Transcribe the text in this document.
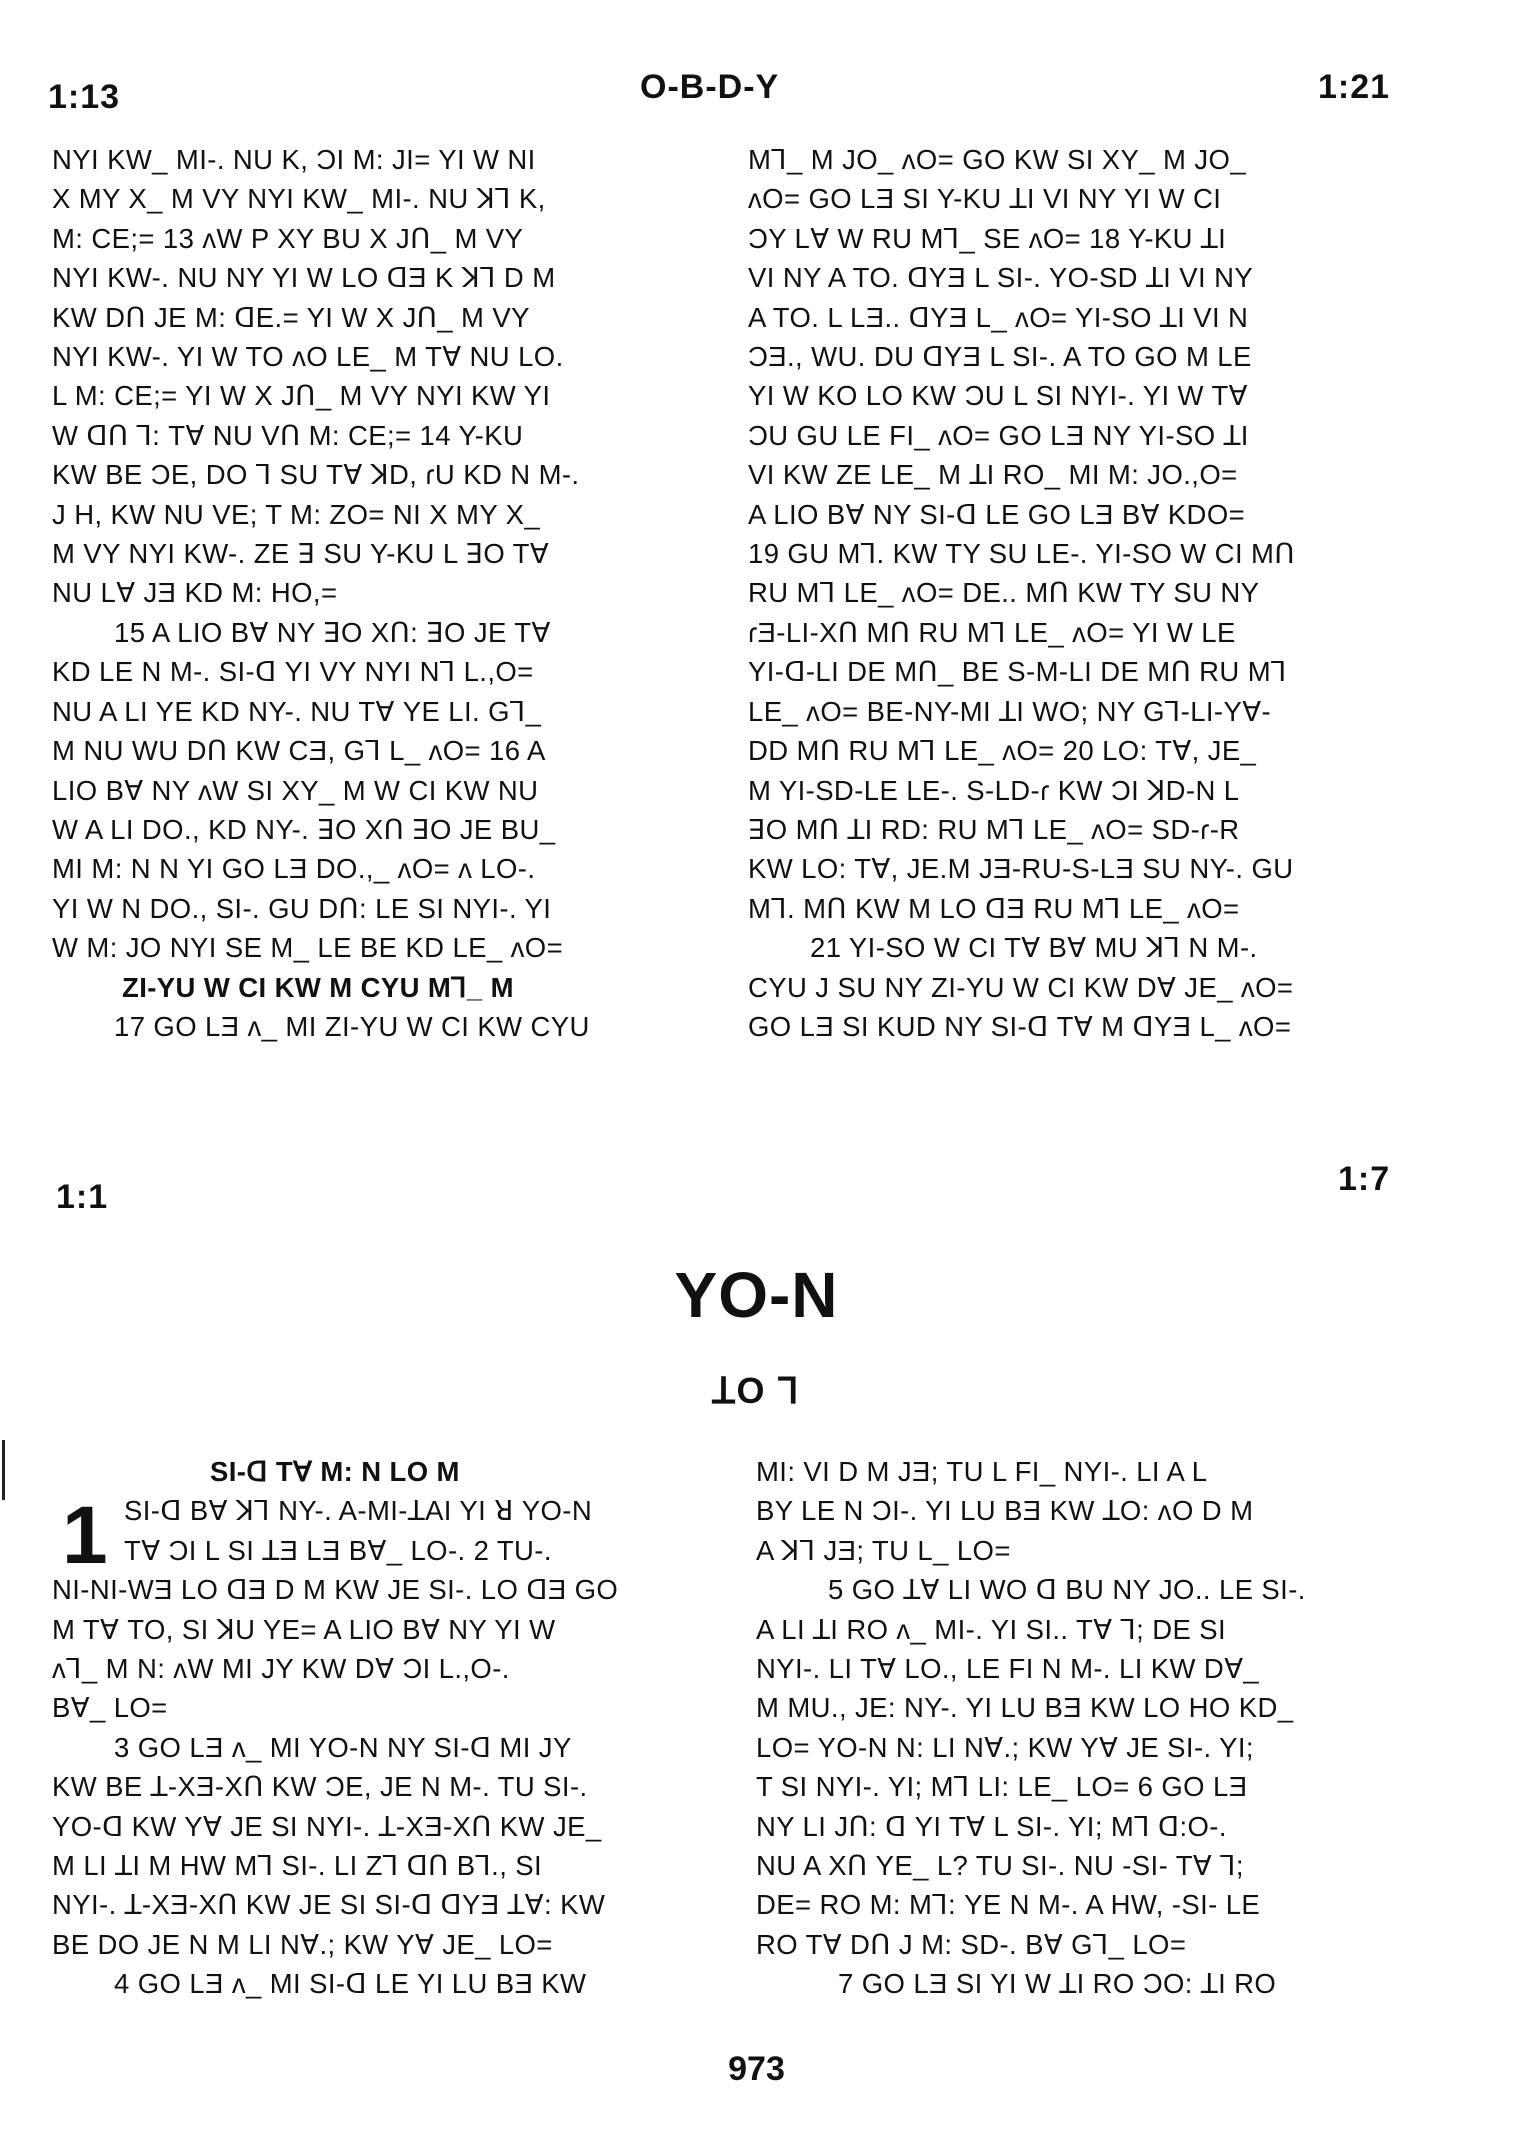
1:13	O-B-D-Y	1:21

NYI KW_ MI-. NU K, ƆI M: JI= YI W NI

X MY X_ M VY NYI KW_ MI-. NU ꓘꓶ K,

M: CE;= 13 ʌW P XY BU X Jꓵ_ M VY

NYI KW-. NU NY YI W LO ꓷƎ K ꓘꓶ D M

KW Dꓵ JE M: ꓷE.= YI W X Jꓵ_ M VY

NYI KW-. YI W TO ʌO LE_ M Tꓯ NU LO.

L M: CE;= YI W X Jꓵ_ M VY NYI KW YI

W ꓷꓵ ꓶ: Tꓯ NU Vꓵ M: CE;= 14 Y-KU

KW BE ƆE, DO ꓶ SU Tꓯ ꓘD, ɾU KD N M-.

J H, KW NU VE; T M: ZO= NI X MY X_

M VY NYI KW-. ZE ꓱ SU Y-KU L ꓱO Tꓯ

NU Lꓯ JƎ KD M: HO,=

15 A LIO Bꓯ NY ꓱO Xꓵ: ꓱO JE Tꓯ

KD LE N M-. SI-ꓷ YI VY NYI Nꓶ L.,O=

NU A LI YE KD NY-. NU Tꓯ YE LI. Gꓶ_

M NU WU Dꓵ KW CƎ, Gꓶ L_ ʌO= 16 A

LIO Bꓯ NY ʌW SI XY_ M W CI KW NU

W A LI DO., KD NY-. ꓱO Xꓵ ꓱO JE BU_

MI M: N N YI GO LƎ DO.,_ ʌO= ʌ LO-.

YI W N DO., SI-. GU Dꓵ: LE SI NYI-. YI

W M: JO NYI SE M_ LE BE KD LE_ ʌO=

ZI-YU W CI KW M CYU Mꓶ_ M

17 GO LƎ ʌ_ MI ZI-YU W CI KW CYU

Mꓶ_ M JO_ ʌO= GO KW SI XY_ M JO_

ʌO= GO LƎ SI Y-KU ꓕI VI NY YI W CI

ƆY Lꓯ W RU Mꓶ_ SE ʌO= 18 Y-KU ꓕI

VI NY A TO. ꓷYƎ L SI-. YO-SD ꓕI VI NY

A TO. L LƎ.. ꓷYƎ L_ ʌO= YI-SO ꓕI VI N

ƆƎ., WU. DU ꓷYƎ L SI-. A TO GO M LE

YI W KO LO KW ƆU L SI NYI-. YI W Tꓯ

ƆU GU LE FI_ ʌO= GO LƎ NY YI-SO ꓕI

VI KW ZE LE_ M ꓕI RO_ MI M: JO.,O=

A LIO Bꓯ NY SI-ꓷ LE GO LƎ Bꓯ KDO=

19 GU Mꓶ. KW TY SU LE-. YI-SO W CI Mꓵ

RU Mꓶ LE_ ʌO= DE.. Mꓵ KW TY SU NY

ɾƎ-LI-Xꓵ Mꓵ RU Mꓶ LE_ ʌO= YI W LE

YI-ꓷ-LI DE Mꓵ_ BE S-M-LI DE Mꓵ RU Mꓶ

LE_ ʌO= BE-NY-MI ꓕI WO; NY Gꓶ-LI-Yꓯ-

DD Mꓵ RU Mꓶ LE_ ʌO= 20 LO: Tꓯ, JE_

M YI-SD-LE LE-. S-LD-ɾ KW ƆI ꓘD-N L

ꓱO Mꓵ ꓕI RD: RU Mꓶ LE_ ʌO= SD-ɾ-R

KW LO: Tꓯ, JE.M JƎ-RU-S-LƎ SU NY-. GU

Mꓶ. Mꓵ KW M LO ꓷƎ RU Mꓶ LE_ ʌO=

21 YI-SO W CI Tꓯ Bꓯ MU ꓘꓶ N M-.

CYU J SU NY ZI-YU W CI KW Dꓯ JE_ ʌO=

GO LƎ SI KUD NY SI-ꓷ Tꓯ M ꓷYƎ L_ ʌO=

1:1	1:7
YO-N
ꓕO ꓶ

SI-ꓷ Tꓯ M: N LO M

1 SI-ꓷ Bꓯ ꓘꓶ NY-. A-MI-ꓕAI YI ꓤ YO-N

Tꓯ ƆI L SI ꓕƎ LƎ Bꓯ_ LO-. 2 TU-.

NI-NI-WƎ LO ꓷƎ D M KW JE SI-. LO ꓷƎ GO

M Tꓯ TO, SI ꓘU YE= A LIO Bꓯ NY YI W

ʌꓶ_ M N: ʌW MI JY KW Dꓯ ƆI L.,O-.

Bꓯ_ LO=

3 GO LƎ ʌ_ MI YO-N NY SI-ꓷ MI JY

KW BE ꓕ-XƎ-Xꓵ KW ƆE, JE N M-. TU SI-.

YO-ꓷ KW Yꓯ JE SI NYI-. ꓕ-XƎ-Xꓵ KW JE_

M LI ꓕI M HW Mꓶ SI-. LI Zꓶ ꓷꓵ Bꓶ., SI

NYI-. ꓕ-XƎ-Xꓵ KW JE SI SI-ꓷ ꓷYƎ ꓕꓯ: KW

BE DO JE N M LI Nꓯ.; KW Yꓯ JE_ LO=

4 GO LƎ ʌ_ MI SI-ꓷ LE YI LU BƎ KW

MI: VI D M JƎ; TU L FI_ NYI-. LI A L

BY LE N ƆI-. YI LU BƎ KW ꓕO: ʌO D M

A ꓘꓶ JƎ; TU L_ LO=

5 GO ꓕꓯ LI WO ꓷ BU NY JO.. LE SI-.

A LI ꓕI RO ʌ_ MI-. YI SI.. Tꓯ ꓶ; DE SI

NYI-. LI Tꓯ LO., LE FI N M-. LI KW Dꓯ_

M MU., JE: NY-. YI LU BƎ KW LO HO KD_

LO= YO-N N: LI Nꓯ.; KW Yꓯ JE SI-. YI;

T SI NYI-. YI; Mꓶ LI: LE_ LO= 6 GO LƎ

NY LI Jꓵ: ꓷ YI Tꓯ L SI-. YI; Mꓶ ꓷ:O-.

NU A Xꓵ YE_ L? TU SI-. NU -SI- Tꓯ ꓶ;

DE= RO M: Mꓶ: YE N M-. A HW, -SI- LE

RO Tꓯ Dꓵ J M: SD-. Bꓯ Gꓶ_ LO=

7 GO LƎ SI YI W ꓕI RO ƆO: ꓕI RO

973
